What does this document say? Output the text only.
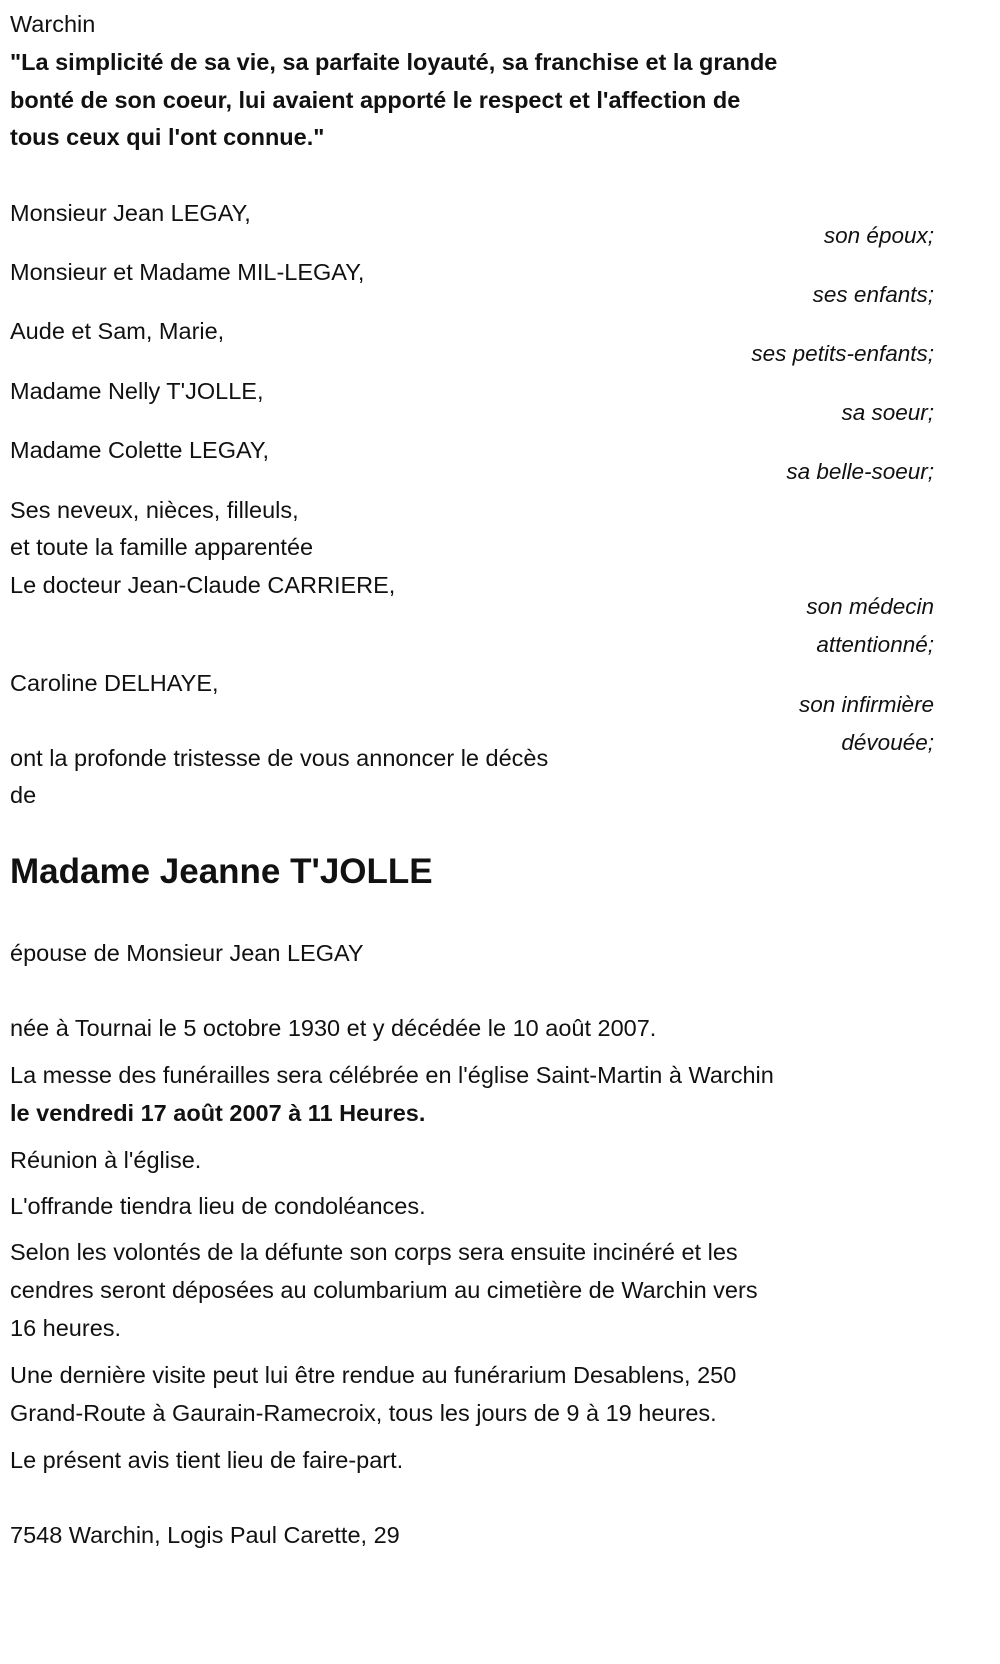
Warchin
"La simplicité de sa vie, sa parfaite loyauté, sa franchise et la grande
bonté de son coeur, lui avaient apporté le respect et l'affection de
tous ceux qui l'ont connue."
Monsieur Jean LEGAY,
son époux;
Monsieur et Madame MIL-LEGAY,
ses enfants;
Aude et Sam, Marie,
ses petits-enfants;
Madame Nelly T'JOLLE,
sa soeur;
Madame Colette LEGAY,
sa belle-soeur;
Ses neveux, nièces, filleuls,
et toute la famille apparentée
Le docteur Jean-Claude CARRIERE,
son médecin
attentionné;
Caroline DELHAYE,
son infirmière
dévouée;
ont la profonde tristesse de vous annoncer le décès
de
Madame Jeanne T'JOLLE
épouse de Monsieur Jean LEGAY
née à Tournai le 5 octobre 1930 et y décédée le 10 août 2007.
La messe des funérailles sera célébrée en l'église Saint-Martin à Warchin
le vendredi 17 août 2007 à 11 Heures.
Réunion à l'église.
L'offrande tiendra lieu de condoléances.
Selon les volontés de la défunte son corps sera ensuite incinéré et les
cendres seront déposées au columbarium au cimetière de Warchin vers
16 heures.
Une dernière visite peut lui être rendue au funérarium Desablens, 250
Grand-Route à Gaurain-Ramecroix, tous les jours de 9 à 19 heures.
Le présent avis tient lieu de faire-part.
7548 Warchin, Logis Paul Carette, 29
